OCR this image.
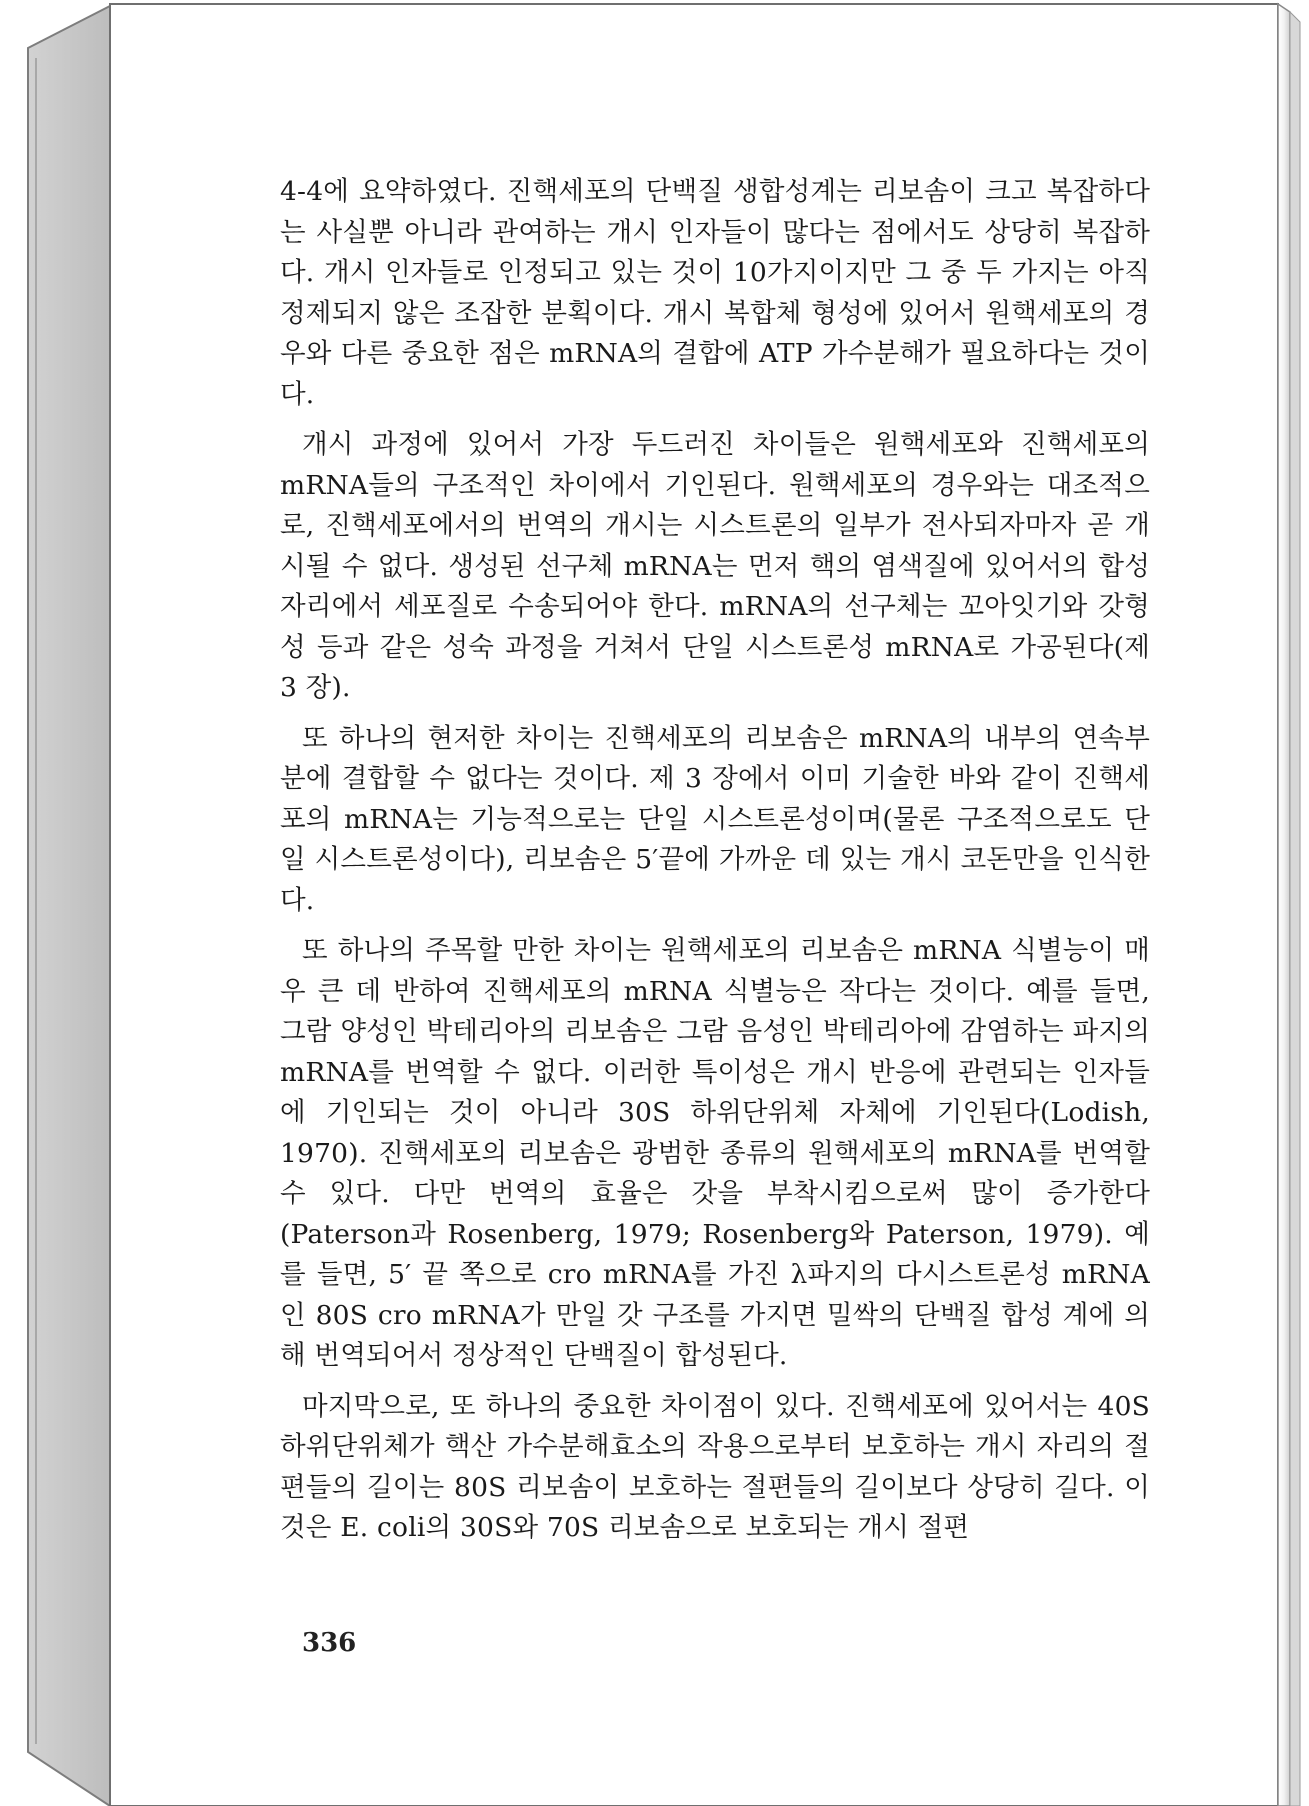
4-4에 요약하였다. 진핵세포의 단백질 생합성계는 리보솜이 크고 복잡하다는 사실뿐 아니라 관여하는 개시 인자들이 많다는 점에서도 상당히 복잡하다. 개시 인자들로 인정되고 있는 것이 10가지이지만 그 중 두 가지는 아직 정제되지 않은 조잡한 분획이다. 개시 복합체 형성에 있어서 원핵세포의 경우와 다른 중요한 점은 mRNA의 결합에 ATP 가수분해가 필요하다는 것이다.

개시 과정에 있어서 가장 두드러진 차이들은 원핵세포와 진핵세포의 mRNA들의 구조적인 차이에서 기인된다. 원핵세포의 경우와는 대조적으로, 진핵세포에서의 번역의 개시는 시스트론의 일부가 전사되자마자 곧 개시될 수 없다. 생성된 선구체 mRNA는 먼저 핵의 염색질에 있어서의 합성 자리에서 세포질로 수송되어야 한다. mRNA의 선구체는 꼬아잇기와 갓형성 등과 같은 성숙 과정을 거쳐서 단일 시스트론성 mRNA로 가공된다(제 3 장).

또 하나의 현저한 차이는 진핵세포의 리보솜은 mRNA의 내부의 연속부분에 결합할 수 없다는 것이다. 제 3 장에서 이미 기술한 바와 같이 진핵세포의 mRNA는 기능적으로는 단일 시스트론성이며(물론 구조적으로도 단일 시스트론성이다), 리보솜은 5′끝에 가까운 데 있는 개시 코돈만을 인식한다.

또 하나의 주목할 만한 차이는 원핵세포의 리보솜은 mRNA 식별능이 매우 큰 데 반하여 진핵세포의 mRNA 식별능은 작다는 것이다. 예를 들면, 그람 양성인 박테리아의 리보솜은 그람 음성인 박테리아에 감염하는 파지의 mRNA를 번역할 수 없다. 이러한 특이성은 개시 반응에 관련되는 인자들에 기인되는 것이 아니라 30S 하위단위체 자체에 기인된다(Lodish, 1970). 진핵세포의 리보솜은 광범한 종류의 원핵세포의 mRNA를 번역할 수 있다. 다만 번역의 효율은 갓을 부착시킴으로써 많이 증가한다(Paterson과 Rosenberg, 1979; Rosenberg와 Paterson, 1979). 예를 들면, 5′ 끝 쪽으로 cro mRNA를 가진 λ파지의 다시스트론성 mRNA인 80S cro mRNA가 만일 갓 구조를 가지면 밀싹의 단백질 합성 계에 의해 번역되어서 정상적인 단백질이 합성된다.

마지막으로, 또 하나의 중요한 차이점이 있다. 진핵세포에 있어서는 40S 하위단위체가 핵산 가수분해효소의 작용으로부터 보호하는 개시 자리의 절편들의 길이는 80S 리보솜이 보호하는 절편들의 길이보다 상당히 길다. 이것은 E. coli의 30S와 70S 리보솜으로 보호되는 개시 절편

336
